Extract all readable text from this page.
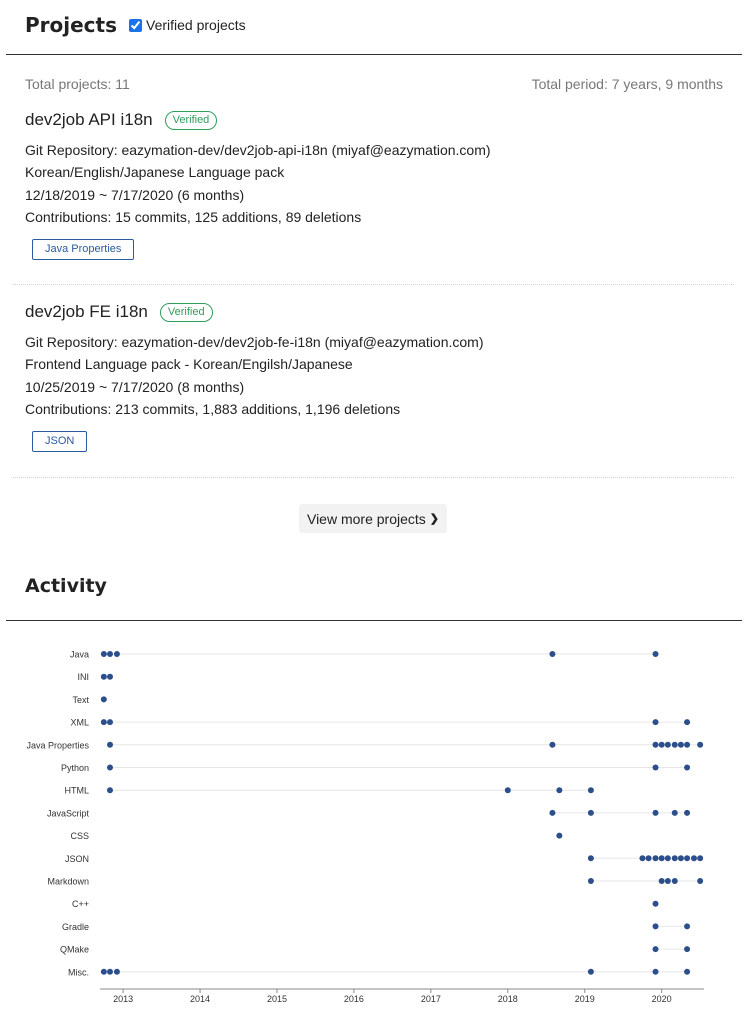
Projects Verified projects
Total projects: 11	Total period: 7 years, 9 months
dev2job API i18n	Verified
Git Repository: eazymation-dev/dev2job-api-i18n (miyaf@eazymation.com)
Korean/English/Japanese Language pack
12/18/2019 ~ 7/17/2020 (6 months)
Contributions: 15 commits, 125 additions, 89 deletions
Java Properties
dev2job FE i18n	Verified
Git Repository: eazymation-dev/dev2job-fe-i18n (miyaf@eazymation.com)
Frontend Language pack - Korean/Engilsh/Japanese
10/25/2019 ~ 7/17/2020 (8 months)
Contributions: 213 commits, 1,883 additions, 1,196 deletions
JSON
View more projects ❯
Activity
Java
INI
Text
XML
Java Properties
Python
HTML
JavaScript
CSS
JSON
Markdown
C++
Gradle
QMake
Misc.
2013	2014	2015	2016	2017	2018	2019	2020
